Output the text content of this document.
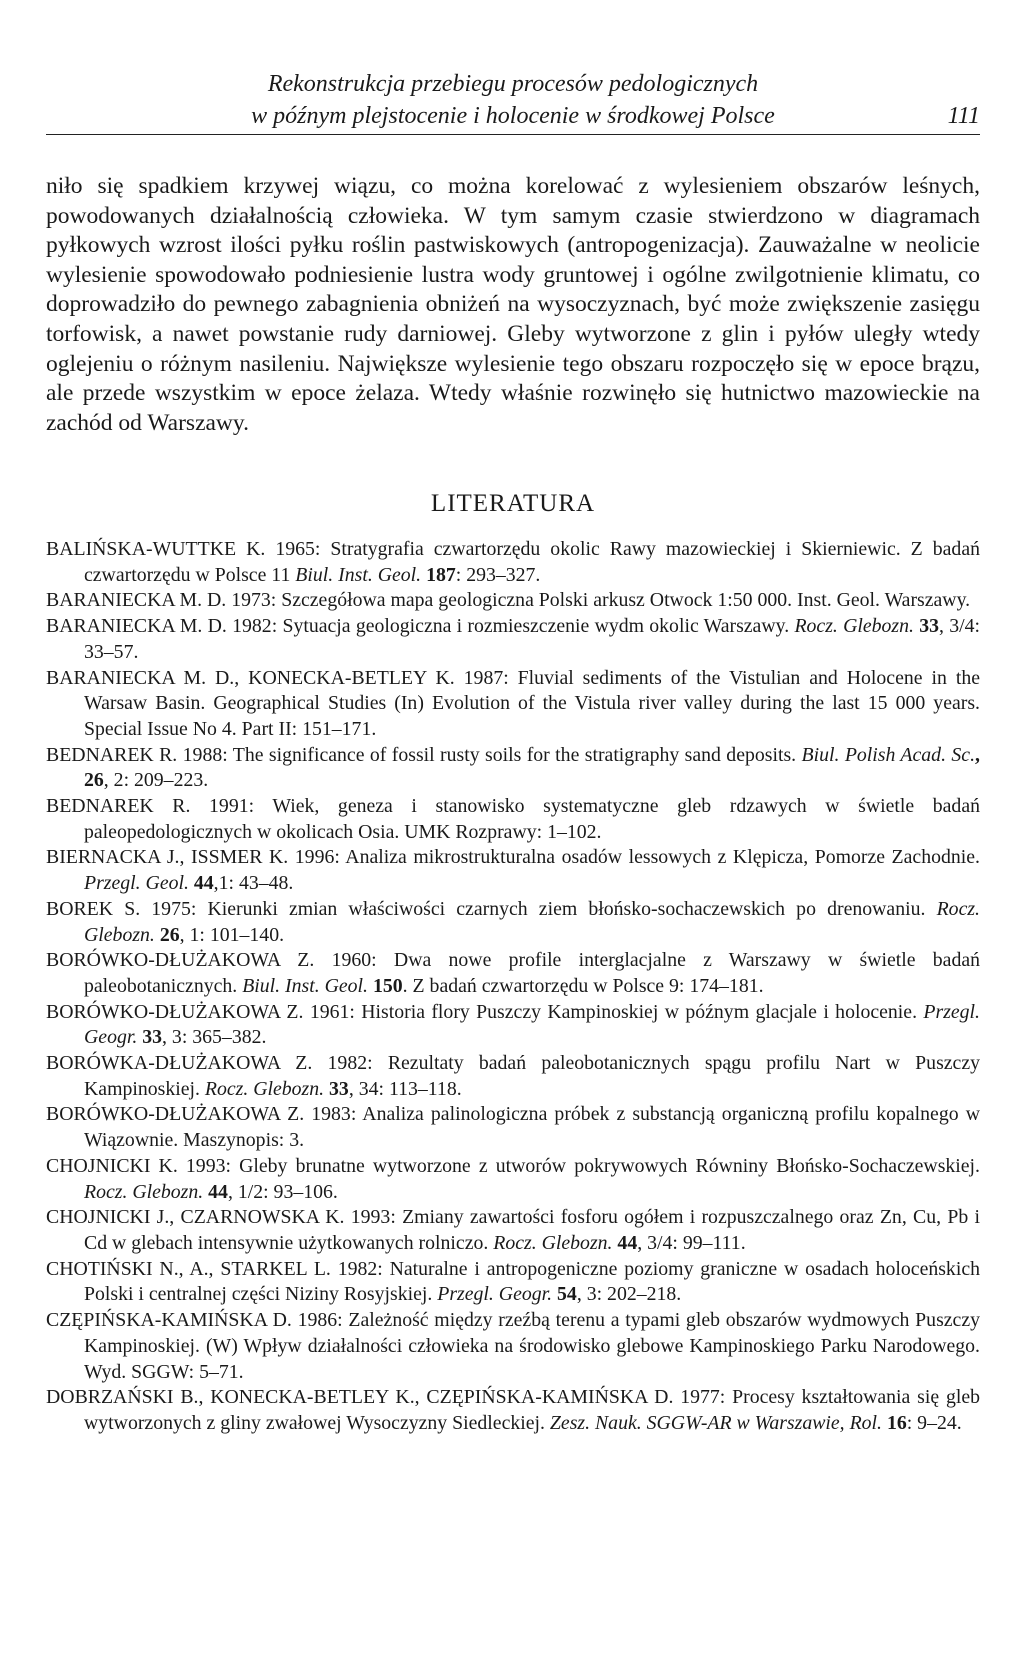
Rekonstrukcja przebiegu procesów pedologicznych
w późnym plejstocenie i holocenie w środkowej Polsce	111

niło się spadkiem krzywej wiązu, co można korelować z wylesieniem obszarów leśnych, powodowanych działalnością człowieka. W tym samym czasie stwierdzono w diagramach pyłkowych wzrost ilości pyłku roślin pastwiskowych (antropogenizacja). Zauważalne w neolicie wylesienie spowodowało podniesienie lustra wody gruntowej i ogólne zwilgotnienie klimatu, co doprowadziło do pewnego zabagnienia obniżeń na wysoczyznach, być może zwiększenie zasięgu torfowisk, a nawet powstanie rudy darniowej. Gleby wytworzone z glin i pyłów uległy wtedy oglejeniu o różnym nasileniu. Największe wylesienie tego obszaru rozpoczęło się w epoce brązu, ale przede wszystkim w epoce żelaza. Wtedy właśnie rozwinęło się hutnictwo mazowieckie na zachód od Warszawy.

LITERATURA

BALIŃSKA-WUTTKE K. 1965: Stratygrafia czwartorzędu okolic Rawy mazowieckiej i Skierniewic. Z badań czwartorzędu w Polsce 11 Biul. Inst. Geol. 187: 293–327.

BARANIECKA M. D. 1973: Szczegółowa mapa geologiczna Polski arkusz Otwock 1:50 000. Inst. Geol. Warszawy.

BARANIECKA M. D. 1982: Sytuacja geologiczna i rozmieszczenie wydm okolic Warszawy. Rocz. Glebozn. 33, 3/4: 33–57.

BARANIECKA M. D., KONECKA-BETLEY K. 1987: Fluvial sediments of the Vistulian and Holocene in the Warsaw Basin. Geographical Studies (In) Evolution of the Vistula river valley during the last 15 000 years. Special Issue No 4. Part II: 151–171.

BEDNAREK R. 1988: The significance of fossil rusty soils for the stratigraphy sand deposits. Biul. Polish Acad. Sc., 26, 2: 209–223.

BEDNAREK R. 1991: Wiek, geneza i stanowisko systematyczne gleb rdzawych w świetle badań paleopedologicznych w okolicach Osia. UMK Rozprawy: 1–102.

BIERNACKA J., ISSMER K. 1996: Analiza mikrostrukturalna osadów lessowych z Klępicza, Pomorze Zachodnie. Przegl. Geol. 44,1: 43–48.

BOREK S. 1975: Kierunki zmian właściwości czarnych ziem błońsko-sochaczewskich po drenowaniu. Rocz. Glebozn. 26, 1: 101–140.

BORÓWKO-DŁUŻAKOWA Z. 1960: Dwa nowe profile interglacjalne z Warszawy w świetle badań paleobotanicznych. Biul. Inst. Geol. 150. Z badań czwartorzędu w Polsce 9: 174–181.

BORÓWKO-DŁUŻAKOWA Z. 1961: Historia flory Puszczy Kampinoskiej w późnym glacjale i holocenie. Przegl. Geogr. 33, 3: 365–382.

BORÓWKA-DŁUŻAKOWA Z. 1982: Rezultaty badań paleobotanicznych spągu profilu Nart w Puszczy Kampinoskiej. Rocz. Glebozn. 33, 34: 113–118.

BORÓWKO-DŁUŻAKOWA Z. 1983: Analiza palinologiczna próbek z substancją organiczną profilu kopalnego w Wiązownie. Maszynopis: 3.

CHOJNICKI K. 1993: Gleby brunatne wytworzone z utworów pokrywowych Równiny Błońsko-Sochaczewskiej. Rocz. Glebozn. 44, 1/2: 93–106.

CHOJNICKI J., CZARNOWSKA K. 1993: Zmiany zawartości fosforu ogółem i rozpuszczalnego oraz Zn, Cu, Pb i Cd w glebach intensywnie użytkowanych rolniczo. Rocz. Glebozn. 44, 3/4: 99–111.

CHOTIŃSKI N., A., STARKEL L. 1982: Naturalne i antropogeniczne poziomy graniczne w osadach holoceńskich Polski i centralnej części Niziny Rosyjskiej. Przegl. Geogr. 54, 3: 202–218.

CZĘPIŃSKA-KAMIŃSKA D. 1986: Zależność między rzeźbą terenu a typami gleb obszarów wydmowych Puszczy Kampinoskiej. (W) Wpływ działalności człowieka na środowisko glebowe Kampinoskiego Parku Narodowego. Wyd. SGGW: 5–71.

DOBRZAŃSKI B., KONECKA-BETLEY K., CZĘPIŃSKA-KAMIŃSKA D. 1977: Procesy kształtowania się gleb wytworzonych z gliny zwałowej Wysoczyzny Siedleckiej. Zesz. Nauk. SGGW-AR w Warszawie, Rol. 16: 9–24.
